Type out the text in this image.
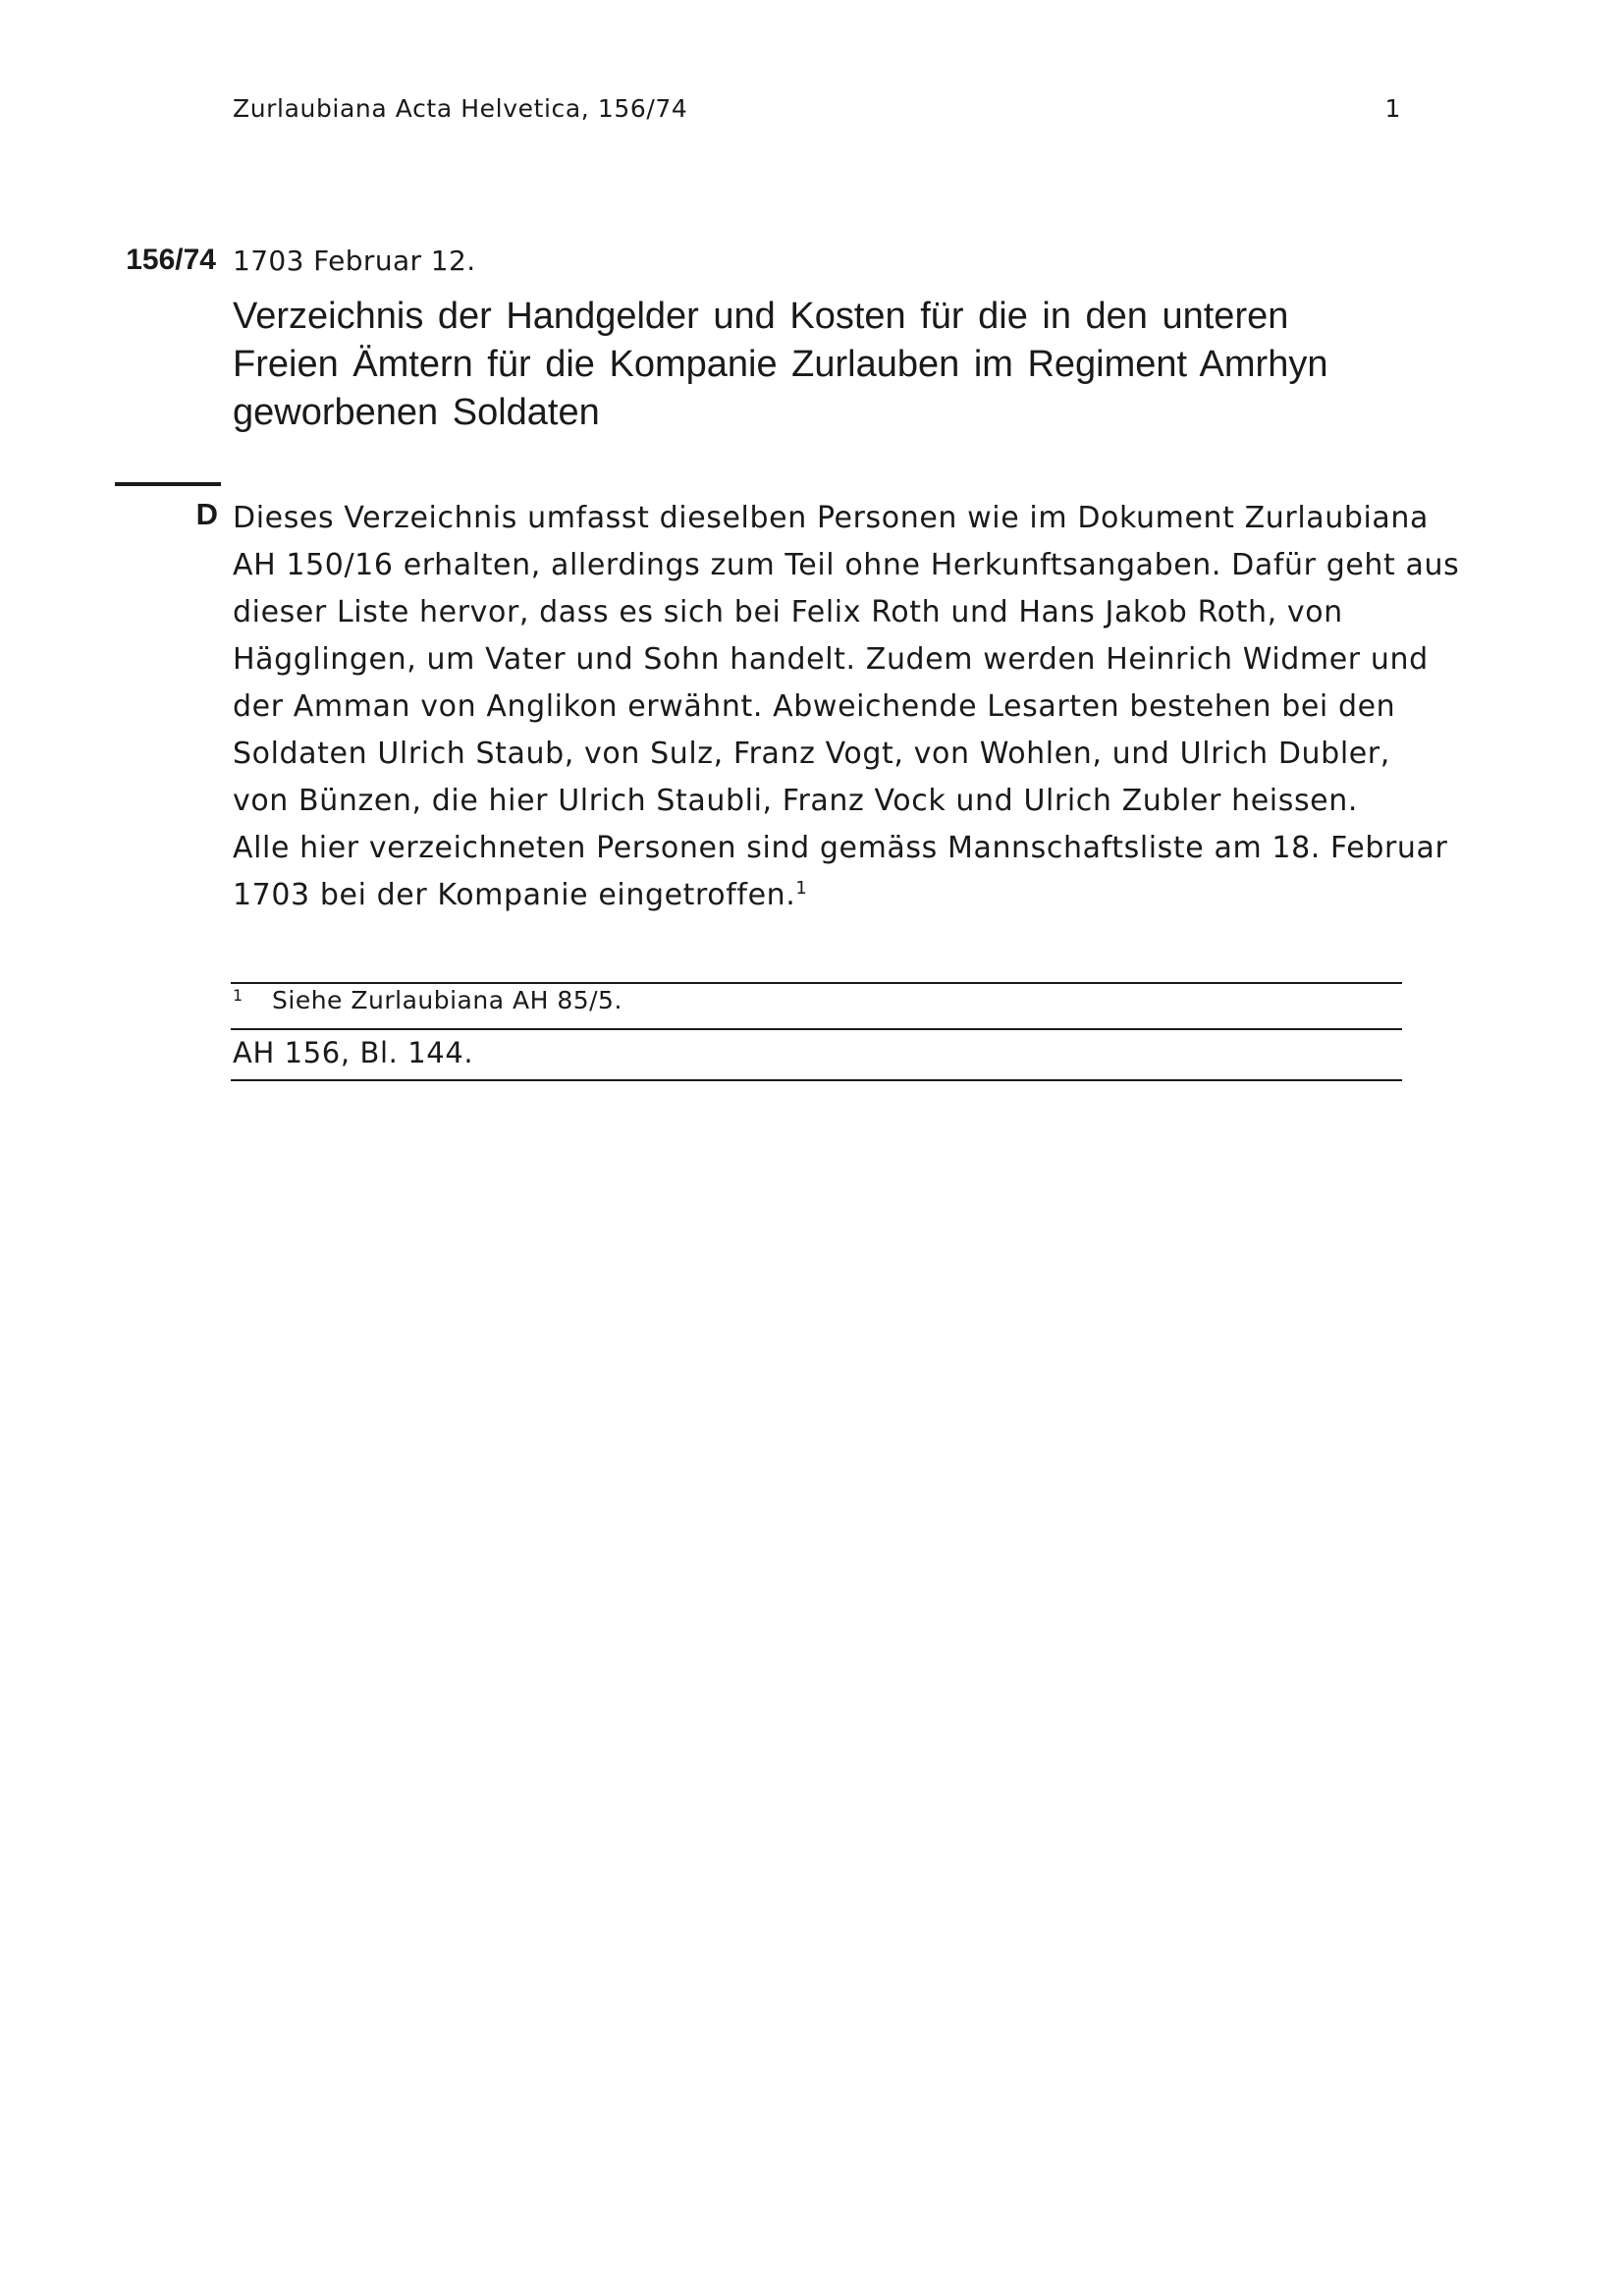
Zurlaubiana Acta Helvetica, 156/74	1
156/74 1703 Februar 12.
Verzeichnis der Handgelder und Kosten für die in den unteren
Freien Ämtern für die Kompanie Zurlauben im Regiment Amrhyn
geworbenen Soldaten
D Dieses Verzeichnis umfasst dieselben Personen wie im Dokument Zurlaubiana
AH 150/16 erhalten, allerdings zum Teil ohne Herkunftsangaben. Dafür geht aus
dieser Liste hervor, dass es sich bei Felix Roth und Hans Jakob Roth, von
Hägglingen, um Vater und Sohn handelt. Zudem werden Heinrich Widmer und
der Amman von Anglikon erwähnt. Abweichende Lesarten bestehen bei den
Soldaten Ulrich Staub, von Sulz, Franz Vogt, von Wohlen, und Ulrich Dubler,
von Bünzen, die hier Ulrich Staubli, Franz Vock und Ulrich Zubler heissen.
Alle hier verzeichneten Personen sind gemäss Mannschaftsliste am 18. Februar
1703 bei der Kompanie eingetroffen.$^1$
1 Siehe Zurlaubiana AH 85/5.
AH 156, Bl. 144.
